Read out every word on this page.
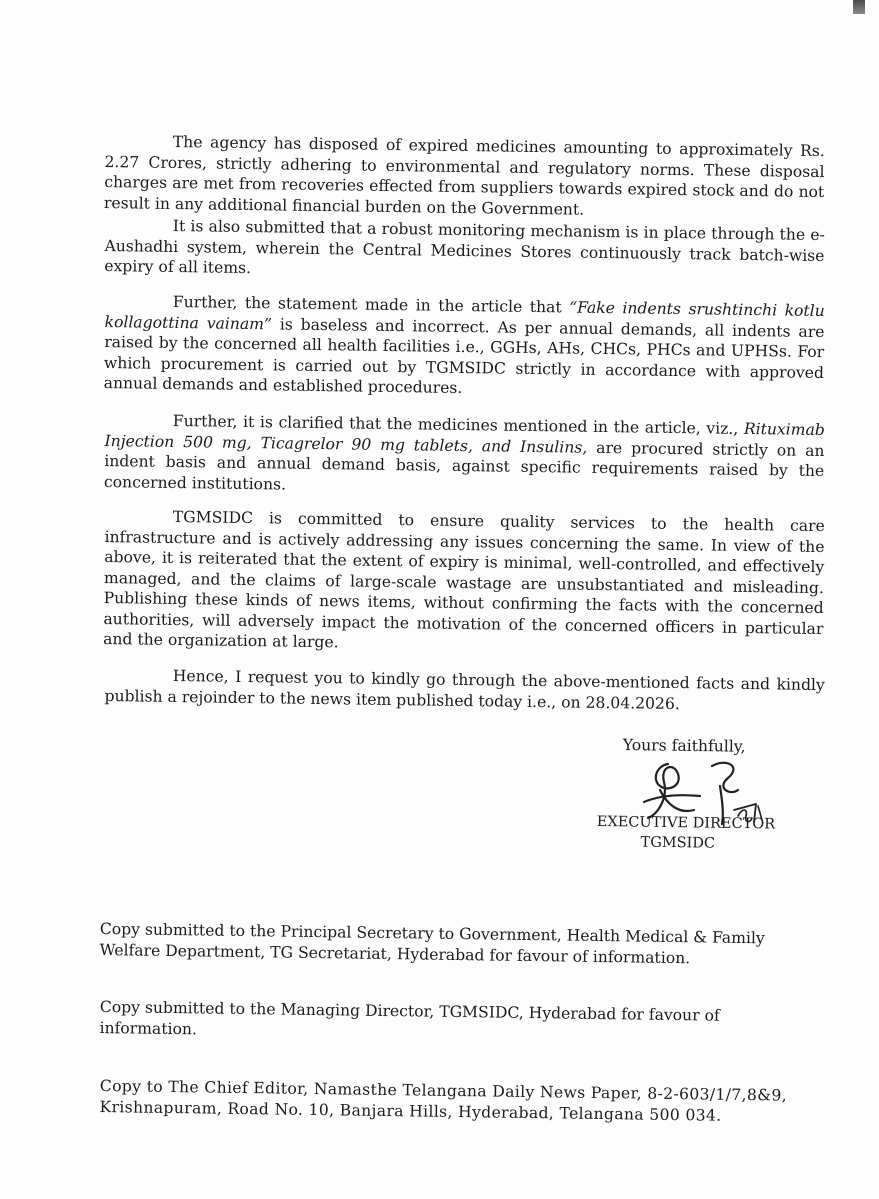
The agency has disposed of expired medicines amounting to approximately Rs. 2.27 Crores, strictly adhering to environmental and regulatory norms. These disposal charges are met from recoveries effected from suppliers towards expired stock and do not result in any additional financial burden on the Government.

It is also submitted that a robust monitoring mechanism is in place through the e-Aushadhi system, wherein the Central Medicines Stores continuously track batch-wise expiry of all items.

Further, the statement made in the article that “Fake indents srushtinchi kotlu kollagottina vainam” is baseless and incorrect. As per annual demands, all indents are raised by the concerned all health facilities i.e., GGHs, AHs, CHCs, PHCs and UPHSs. For which procurement is carried out by TGMSIDC strictly in accordance with approved annual demands and established procedures.

Further, it is clarified that the medicines mentioned in the article, viz., Rituximab Injection 500 mg, Ticagrelor 90 mg tablets, and Insulins, are procured strictly on an indent basis and annual demand basis, against specific requirements raised by the concerned institutions.

TGMSIDC is committed to ensure quality services to the health care infrastructure and is actively addressing any issues concerning the same. In view of the above, it is reiterated that the extent of expiry is minimal, well-controlled, and effectively managed, and the claims of large-scale wastage are unsubstantiated and misleading. Publishing these kinds of news items, without confirming the facts with the concerned authorities, will adversely impact the motivation of the concerned officers in particular and the organization at large.

Hence, I request you to kindly go through the above-mentioned facts and kindly publish a rejoinder to the news item published today i.e., on 28.04.2026.

Yours faithfully,
EXECUTIVE DIRECTOR
TGMSIDC

Copy submitted to the Principal Secretary to Government, Health Medical & Family Welfare Department, TG Secretariat, Hyderabad for favour of information.

Copy submitted to the Managing Director, TGMSIDC, Hyderabad for favour of information.

Copy to The Chief Editor, Namasthe Telangana Daily News Paper, 8-2-603/1/7,8&9, Krishnapuram, Road No. 10, Banjara Hills, Hyderabad, Telangana 500 034.
